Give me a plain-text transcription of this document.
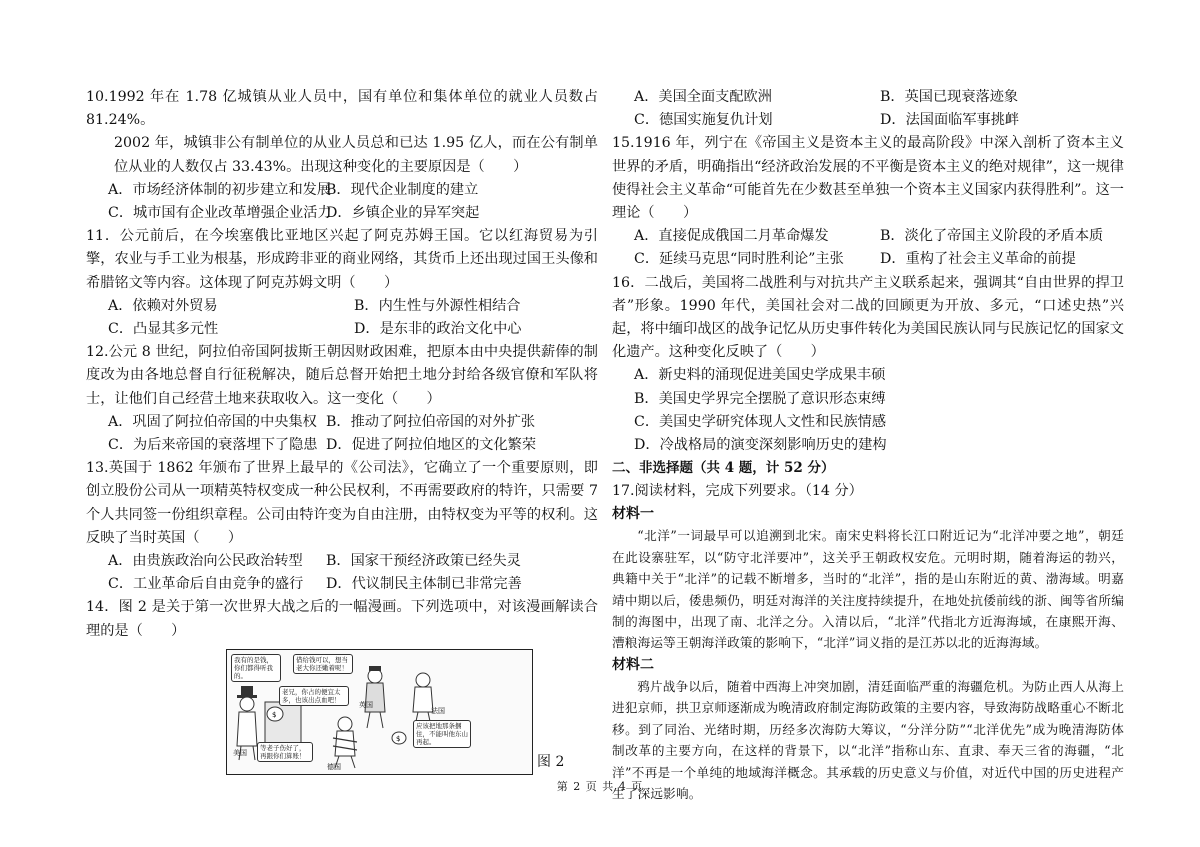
10.1992 年在 1.78 亿城镇从业人员中，国有单位和集体单位的就业人员数占 81.24%。

2002 年，城镇非公有制单位的从业人员总和已达 1.95 亿人，而在公有制单位从业的人数仅占 33.43%。出现这种变化的主要原因是（　　）

A．市场经济体制的初步建立和发展
B．现代企业制度的建立
C．城市国有企业改革增强企业活力
D．乡镇企业的异军突起

11．公元前后，在今埃塞俄比亚地区兴起了阿克苏姆王国。它以红海贸易为引擎，农业与手工业为根基，形成跨非亚的商业网络，其货币上还出现过国王头像和希腊铭文等内容。这体现了阿克苏姆文明（　　）

A．依赖对外贸易	B．内生性与外源性相结合
C．凸显其多元性	D．是东非的政治文化中心

12.公元 8 世纪，阿拉伯帝国阿拔斯王朝因财政困难，把原本由中央提供薪俸的制度改为由各地总督自行征税解决，随后总督开始把土地分封给各级官僚和军队将士，让他们自己经营土地来获取收入。这一变化（　　）

A．巩固了阿拉伯帝国的中央集权 B．推动了阿拉伯帝国的对外扩张
C．为后来帝国的衰落埋下了隐患 D．促进了阿拉伯地区的文化繁荣

13.英国于 1862 年颁布了世界上最早的《公司法》，它确立了一个重要原则，即创立股份公司从一项精英特权变成一种公民权利，不再需要政府的特许，只需要 7 个人共同签一份组织章程。公司由特许变为自由注册，由特权变为平等的权利。这反映了当时英国（　　）

A．由贵族政治向公民政治转型	B．国家干预经济政策已经失灵
C．工业革命后自由竞争的盛行	D．代议制民主体制已非常完善

14．图 2 是关于第一次世界大战之后的一幅漫画。下列选项中，对该漫画解读合理的是（　　）

$
$
我有的是钱，你们都得听我的。
借给钱可以，想当老大你还嫩着呢！
老兄，你占的便宜太多，也该出点血吧！
应该把地那条捆住，不能叫他东山再起。
等老子伤好了，再跟你们算账！
美国
英国
法国
德国	图 2
A．美国全面支配欧洲	B．英国已现衰落迹象
C．德国实施复仇计划	D．法国面临军事挑衅

15.1916 年，列宁在《帝国主义是资本主义的最高阶段》中深入剖析了资本主义世界的矛盾，明确指出“经济政治发展的不平衡是资本主义的绝对规律”，这一规律使得社会主义革命“可能首先在少数甚至单独一个资本主义国家内获得胜利”。这一理论（　　）

A．直接促成俄国二月革命爆发	B．淡化了帝国主义阶段的矛盾本质
C．延续马克思“同时胜利论”主张	D．重构了社会主义革命的前提

16．二战后，美国将二战胜利与对抗共产主义联系起来，强调其“自由世界的捍卫者”形象。1990 年代，美国社会对二战的回顾更为开放、多元，“口述史热”兴起，将中缅印战区的战争记忆从历史事件转化为美国民族认同与民族记忆的国家文化遗产。这种变化反映了（　　）

A．新史料的涌现促进美国史学成果丰硕
B．美国史学界完全摆脱了意识形态束缚
C．美国史学研究体现人文性和民族情感
D．冷战格局的演变深刻影响历史的建构

二、非选择题（共 4 题，计 52 分）

17.阅读材料，完成下列要求。（14 分）

材料一

“北洋”一词最早可以追溯到北宋。南宋史料将长江口附近记为“北洋冲要之地”，朝廷在此设寨驻军，以“防守北洋要冲”，这关乎王朝政权安危。元明时期，随着海运的勃兴，典籍中关于“北洋”的记载不断增多，当时的“北洋”，指的是山东附近的黄、渤海域。明嘉靖中期以后，倭患频仍，明廷对海洋的关注度持续提升，在地处抗倭前线的浙、闽等省所编制的海图中，出现了南、北洋之分。入清以后，“北洋”代指北方近海海域，在康熙开海、漕粮海运等王朝海洋政策的影响下，“北洋”词义指的是江苏以北的近海海域。

材料二

鸦片战争以后，随着中西海上冲突加剧，清廷面临严重的海疆危机。为防止西人从海上进犯京师，拱卫京师逐渐成为晚清政府制定海防政策的主要内容，导致海防战略重心不断北移。到了同治、光绪时期，历经多次海防大筹议，“分洋分防”“北洋优先”成为晚清海防体制改革的主要方向，在这样的背景下，以“北洋”指称山东、直隶、奉天三省的海疆，“北洋”不再是一个单纯的地域海洋概念。其承载的历史意义与价值，对近代中国的历史进程产生了深远影响。

第 2 页 共 4 页
